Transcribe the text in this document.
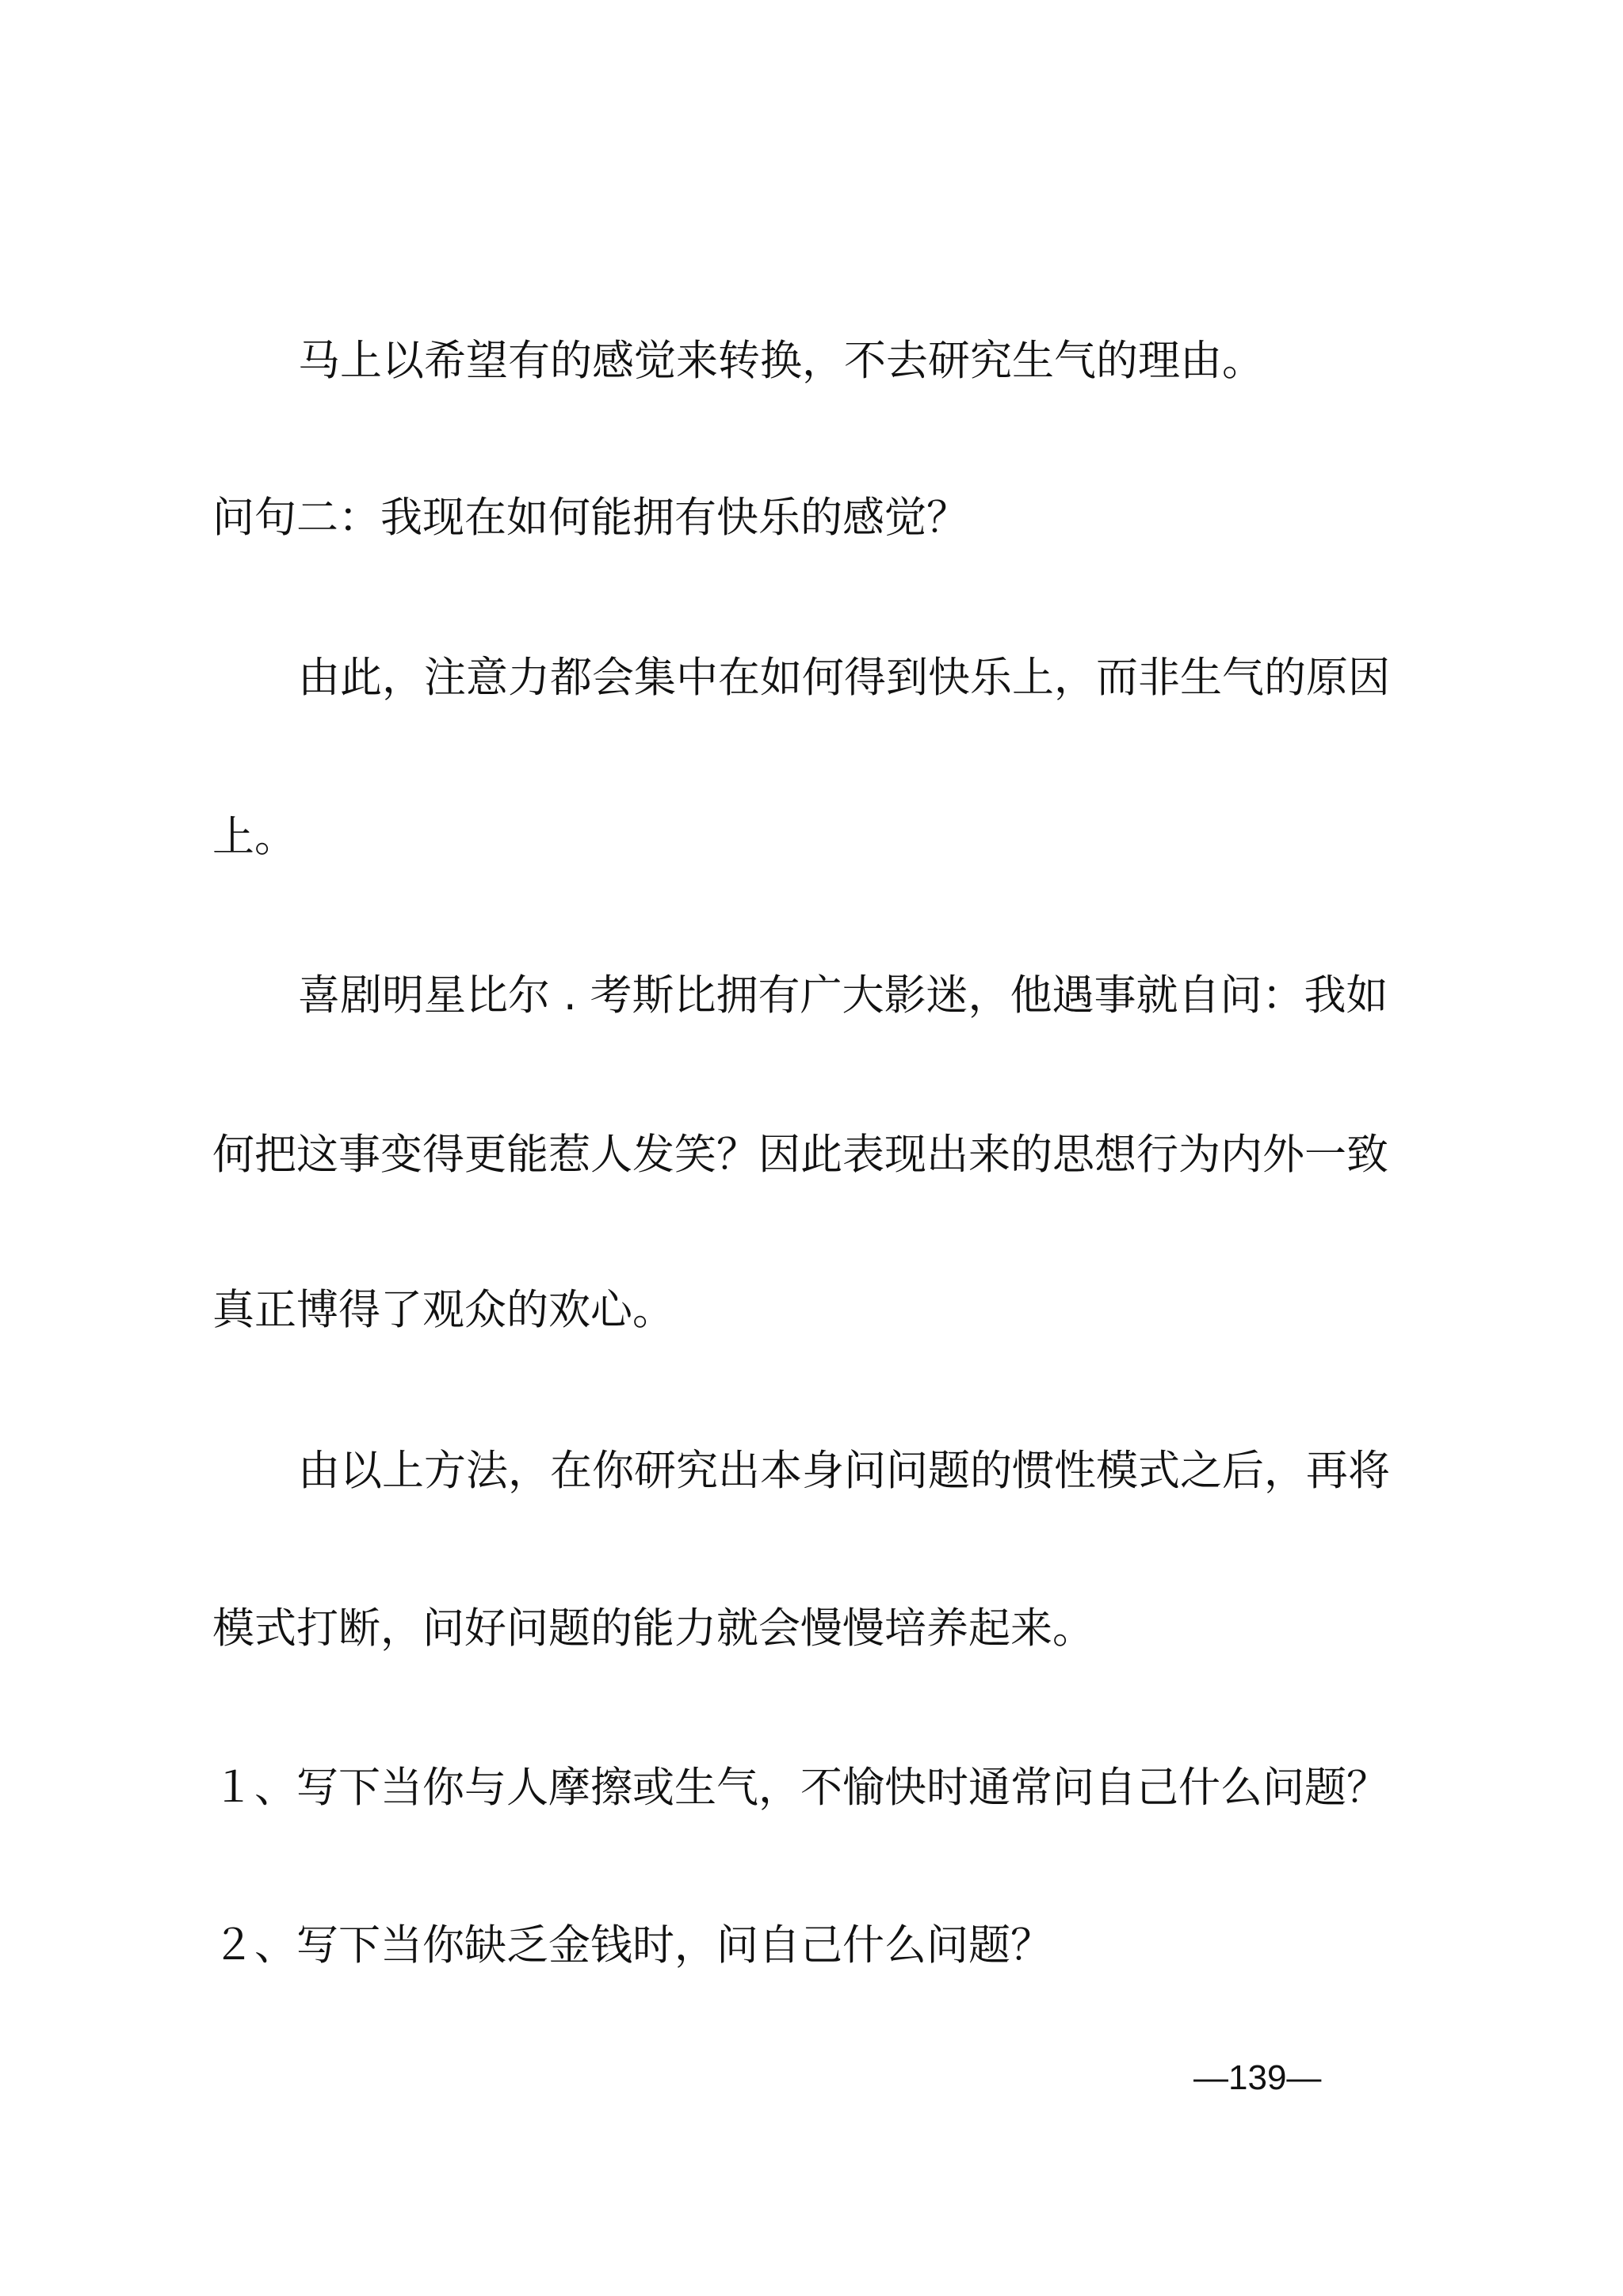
马上以希望有的感觉来转换，不去研究生气的理由。
问句二：我现在如何能拥有快乐的感觉？
由此，注意力都会集中在如何得到快乐上，而非生气的原因
上。
喜剧明星比尔 . 考斯比拥有广大影迷，他遇事就自问：我如
何把这事变得更能惹人发笑？因此表现出来的思想行为内外一致
真正博得了观众的欢心。
由以上方法，在你研究出本身问问题的惯性模式之后，再将
模式打断，问好问题的能力就会慢慢培养起来。
１、写下当你与人摩擦或生气，不愉快时通常问自己什么问题？
２、写下当你缺乏金钱时，问自己什么问题？
—139—
